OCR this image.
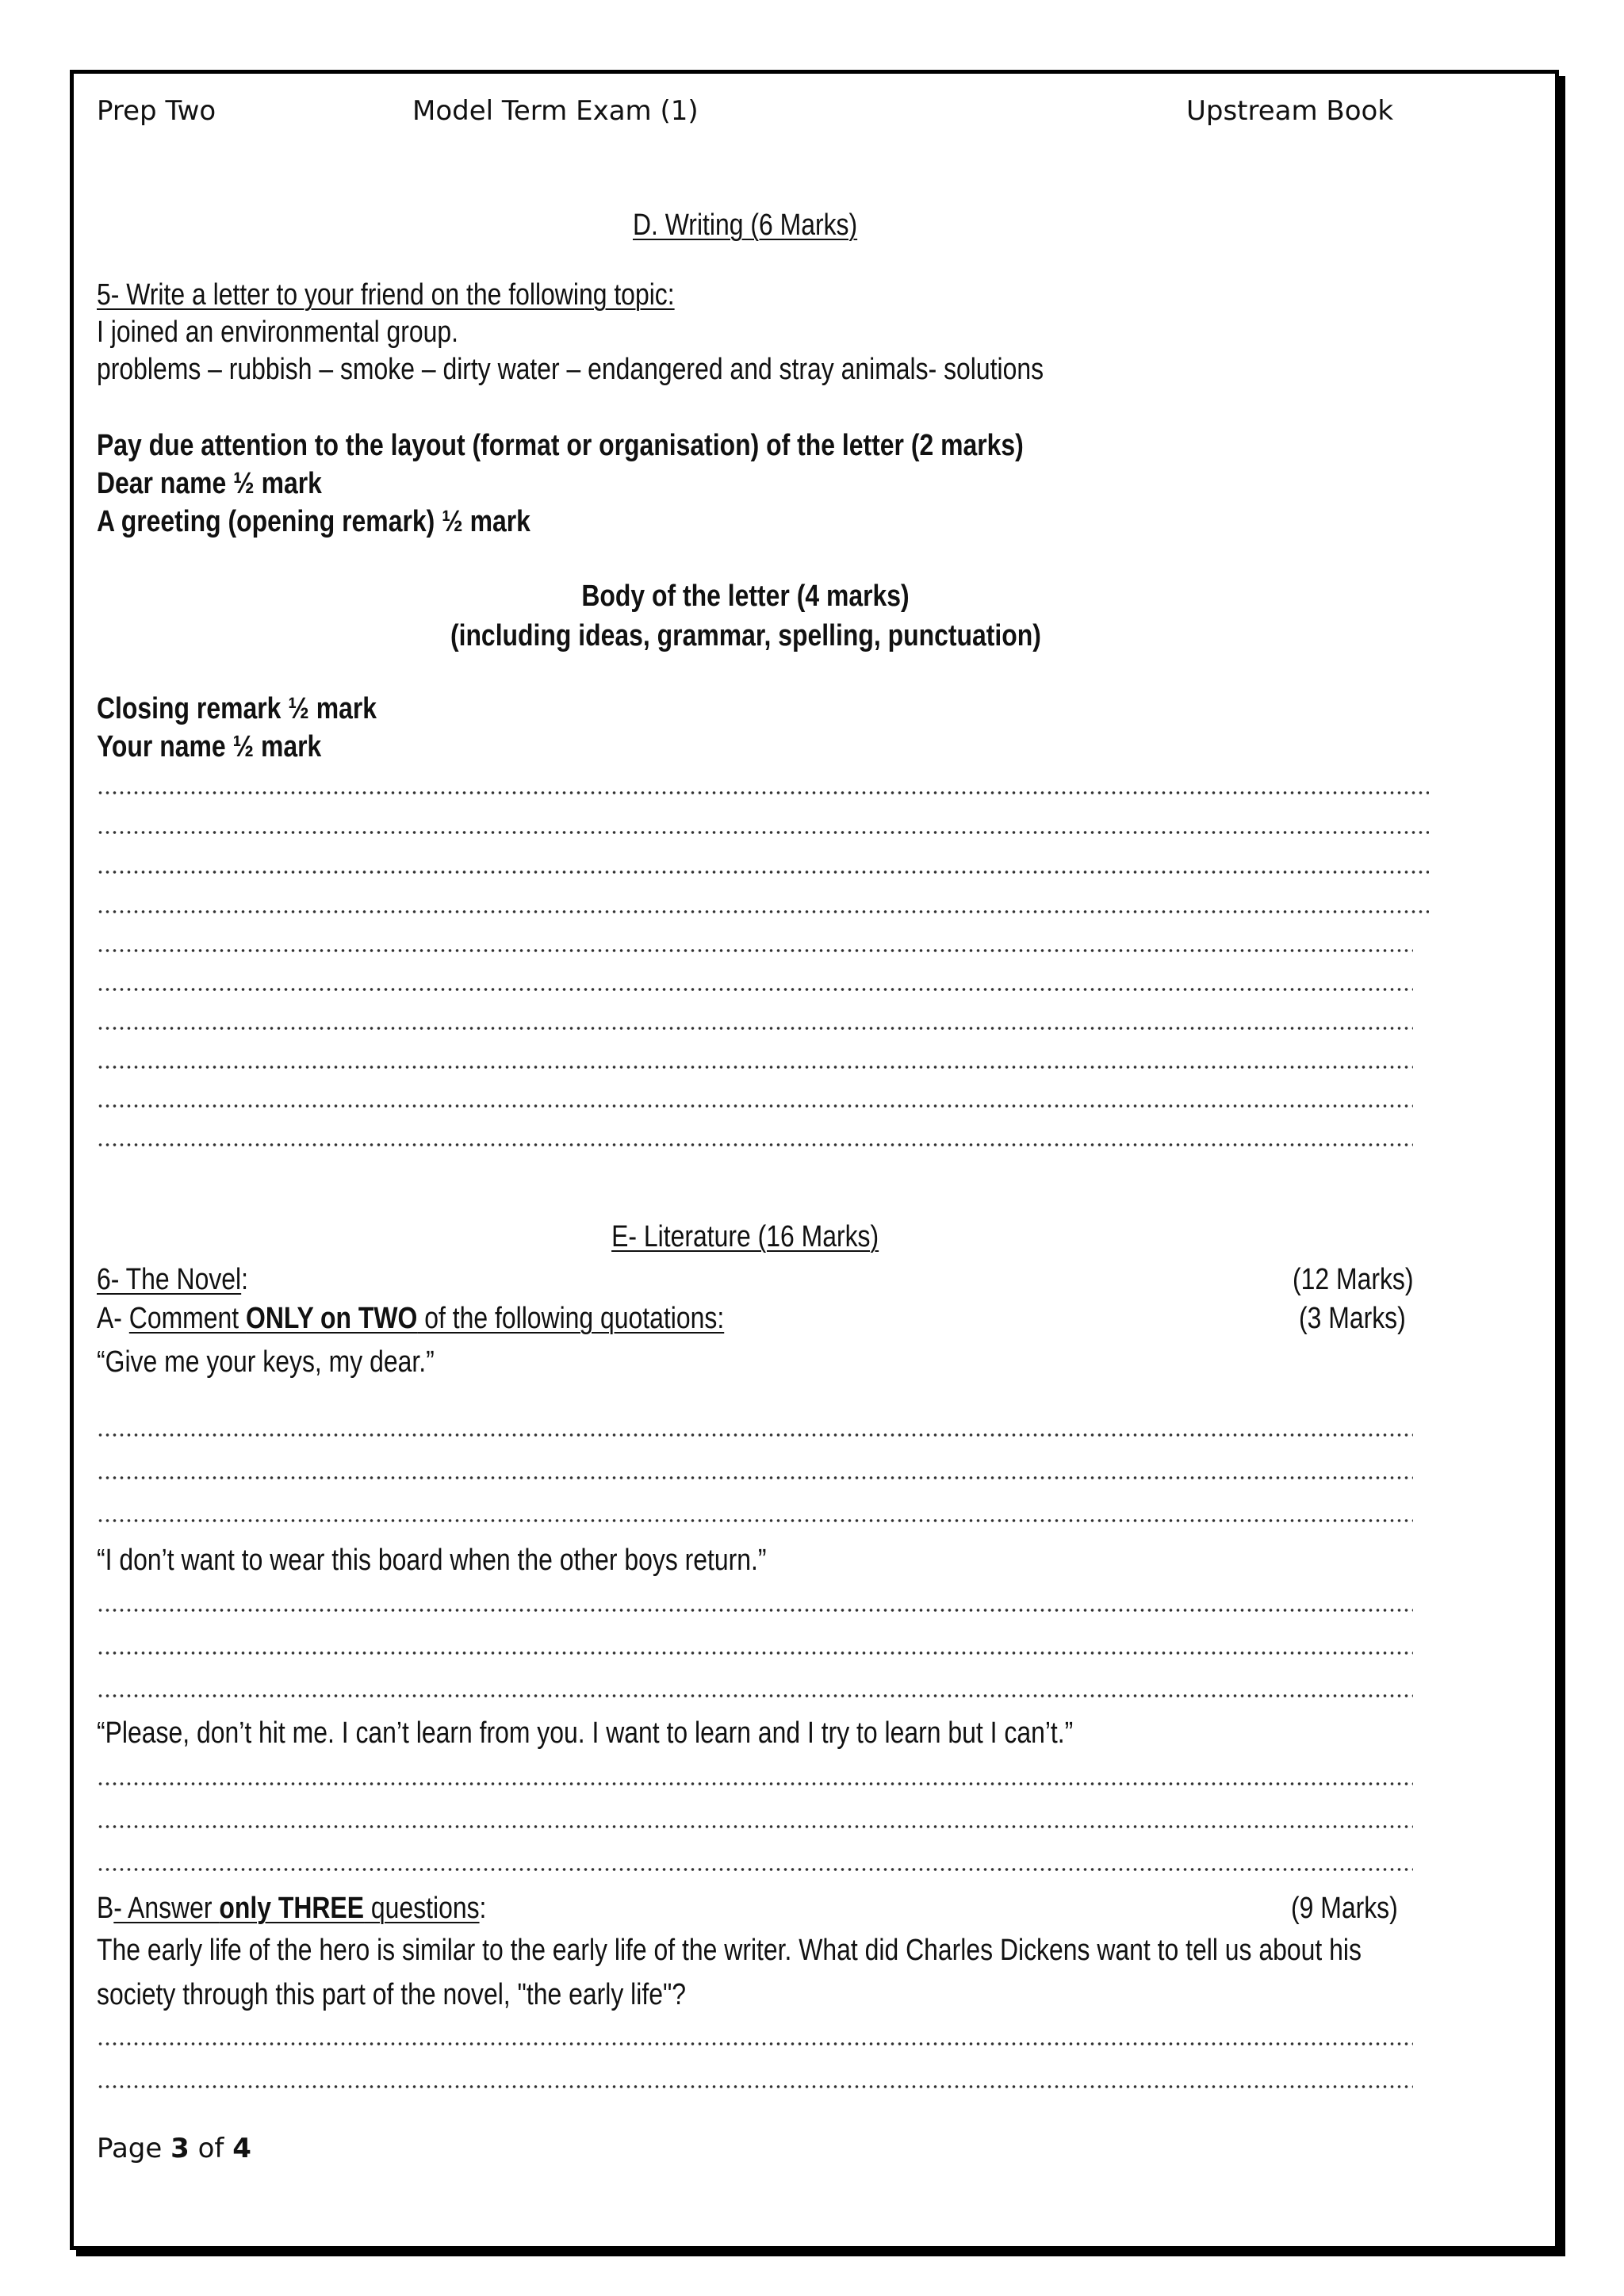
Prep Two	Model Term Exam (1)	Upstream Book
D. Writing (6 Marks)
5- Write a letter to your friend on the following topic:
I joined an environmental group.
problems – rubbish – smoke – dirty water – endangered and stray animals- solutions
Pay due attention to the layout (format or organisation) of the letter (2 marks)
Dear name ½ mark
A greeting (opening remark) ½ mark
Body of the letter (4 marks)
(including ideas, grammar, spelling, punctuation)
Closing remark ½ mark
Your name ½ mark
E- Literature (16 Marks)
6- The Novel:	(12 Marks)
A- Comment ONLY on TWO of the following quotations:	(3 Marks)
“Give me your keys, my dear.”
“I don’t want to wear this board when the other boys return.”
“Please, don’t hit me. I can’t learn from you. I want to learn and I try to learn but I can’t.”
B- Answer only THREE questions:	(9 Marks)
The early life of the hero is similar to the early life of the writer. What did Charles Dickens want to tell us about his society through this part of the novel, "the early life"?
Page 3 of 4
